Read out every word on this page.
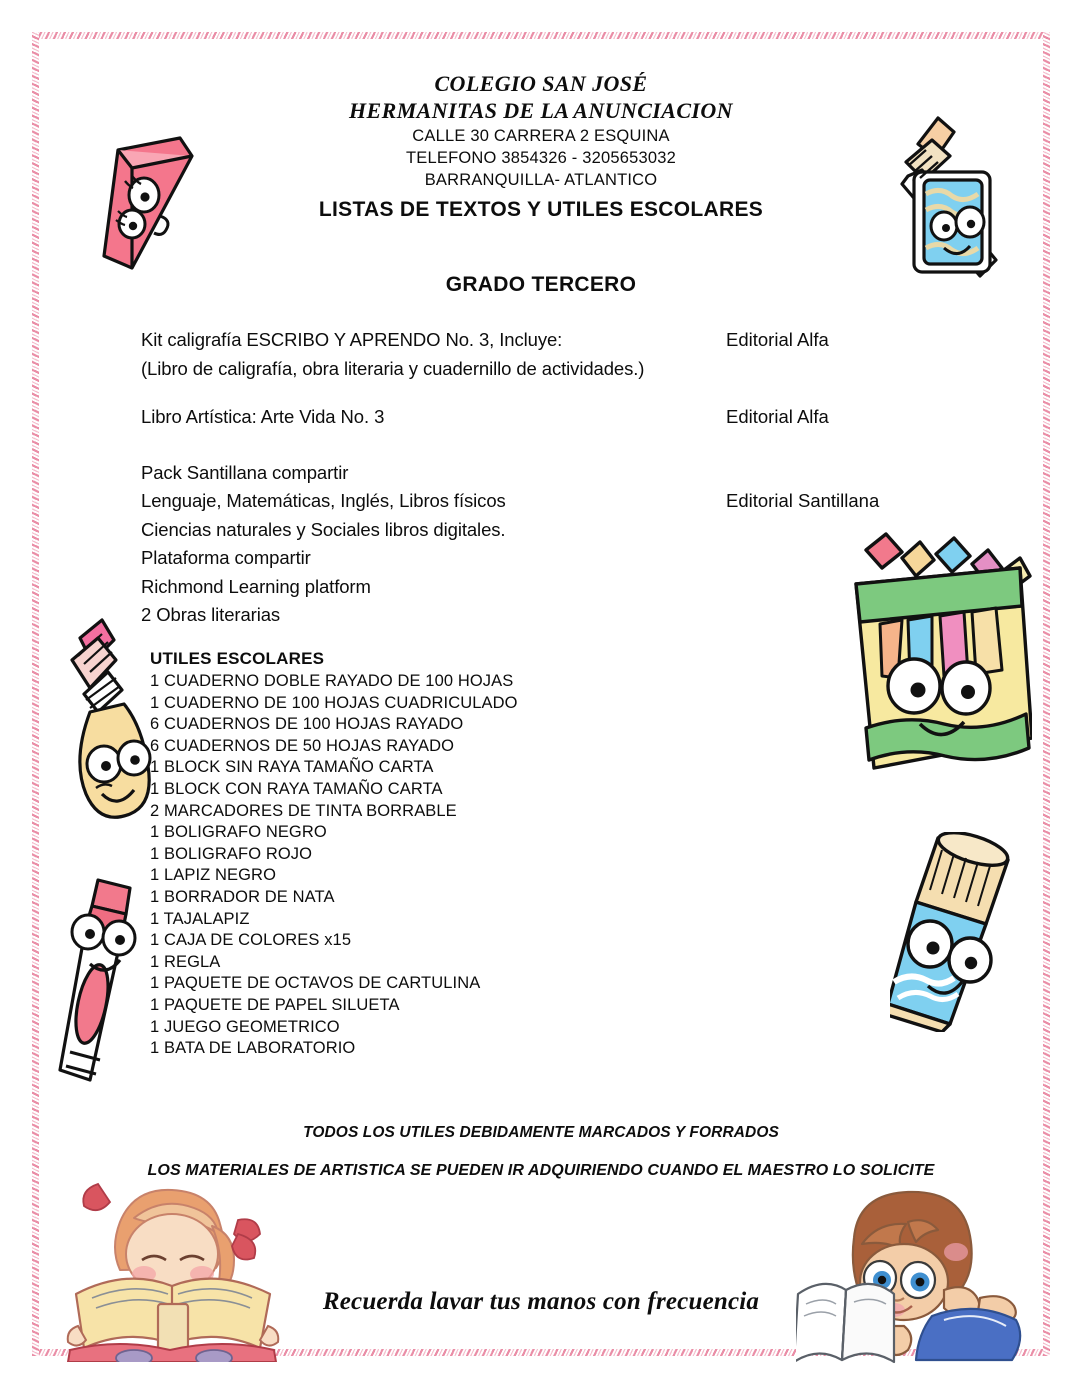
COLEGIO SAN JOSÉ
HERMANITAS DE LA ANUNCIACION
CALLE 30 CARRERA 2 ESQUINA
TELEFONO 3854326 - 3205653032
BARRANQUILLA- ATLANTICO
LISTAS DE TEXTOS Y UTILES ESCOLARES
GRADO TERCERO
Kit caligrafía ESCRIBO Y APRENDO No. 3, Incluye:
(Libro de caligrafía, obra literaria y cuadernillo de actividades.)
Editorial Alfa
Libro Artística: Arte Vida No. 3	Editorial Alfa
Pack Santillana compartir
Lenguaje, Matemáticas, Inglés, Libros físicos
Ciencias naturales y Sociales libros digitales.
Plataforma compartir
Richmond Learning platform
2 Obras literarias
Editorial Santillana
UTILES ESCOLARES
1 CUADERNO DOBLE RAYADO DE 100 HOJAS
1 CUADERNO DE 100 HOJAS CUADRICULADO
6 CUADERNOS DE 100 HOJAS RAYADO
6 CUADERNOS DE 50 HOJAS RAYADO
1 BLOCK SIN RAYA TAMAÑO CARTA
1 BLOCK CON RAYA TAMAÑO CARTA
2 MARCADORES DE TINTA BORRABLE
1 BOLIGRAFO NEGRO
1 BOLIGRAFO ROJO
1 LAPIZ NEGRO
1 BORRADOR DE NATA
1 TAJALAPIZ
1 CAJA DE COLORES x15
1 REGLA
1 PAQUETE DE OCTAVOS DE CARTULINA
1 PAQUETE DE PAPEL SILUETA
1 JUEGO GEOMETRICO
1 BATA DE LABORATORIO
TODOS LOS UTILES DEBIDAMENTE MARCADOS Y FORRADOS
LOS MATERIALES DE ARTISTICA SE PUEDEN IR ADQUIRIENDO CUANDO EL MAESTRO LO SOLICITE
Recuerda lavar tus manos con frecuencia
